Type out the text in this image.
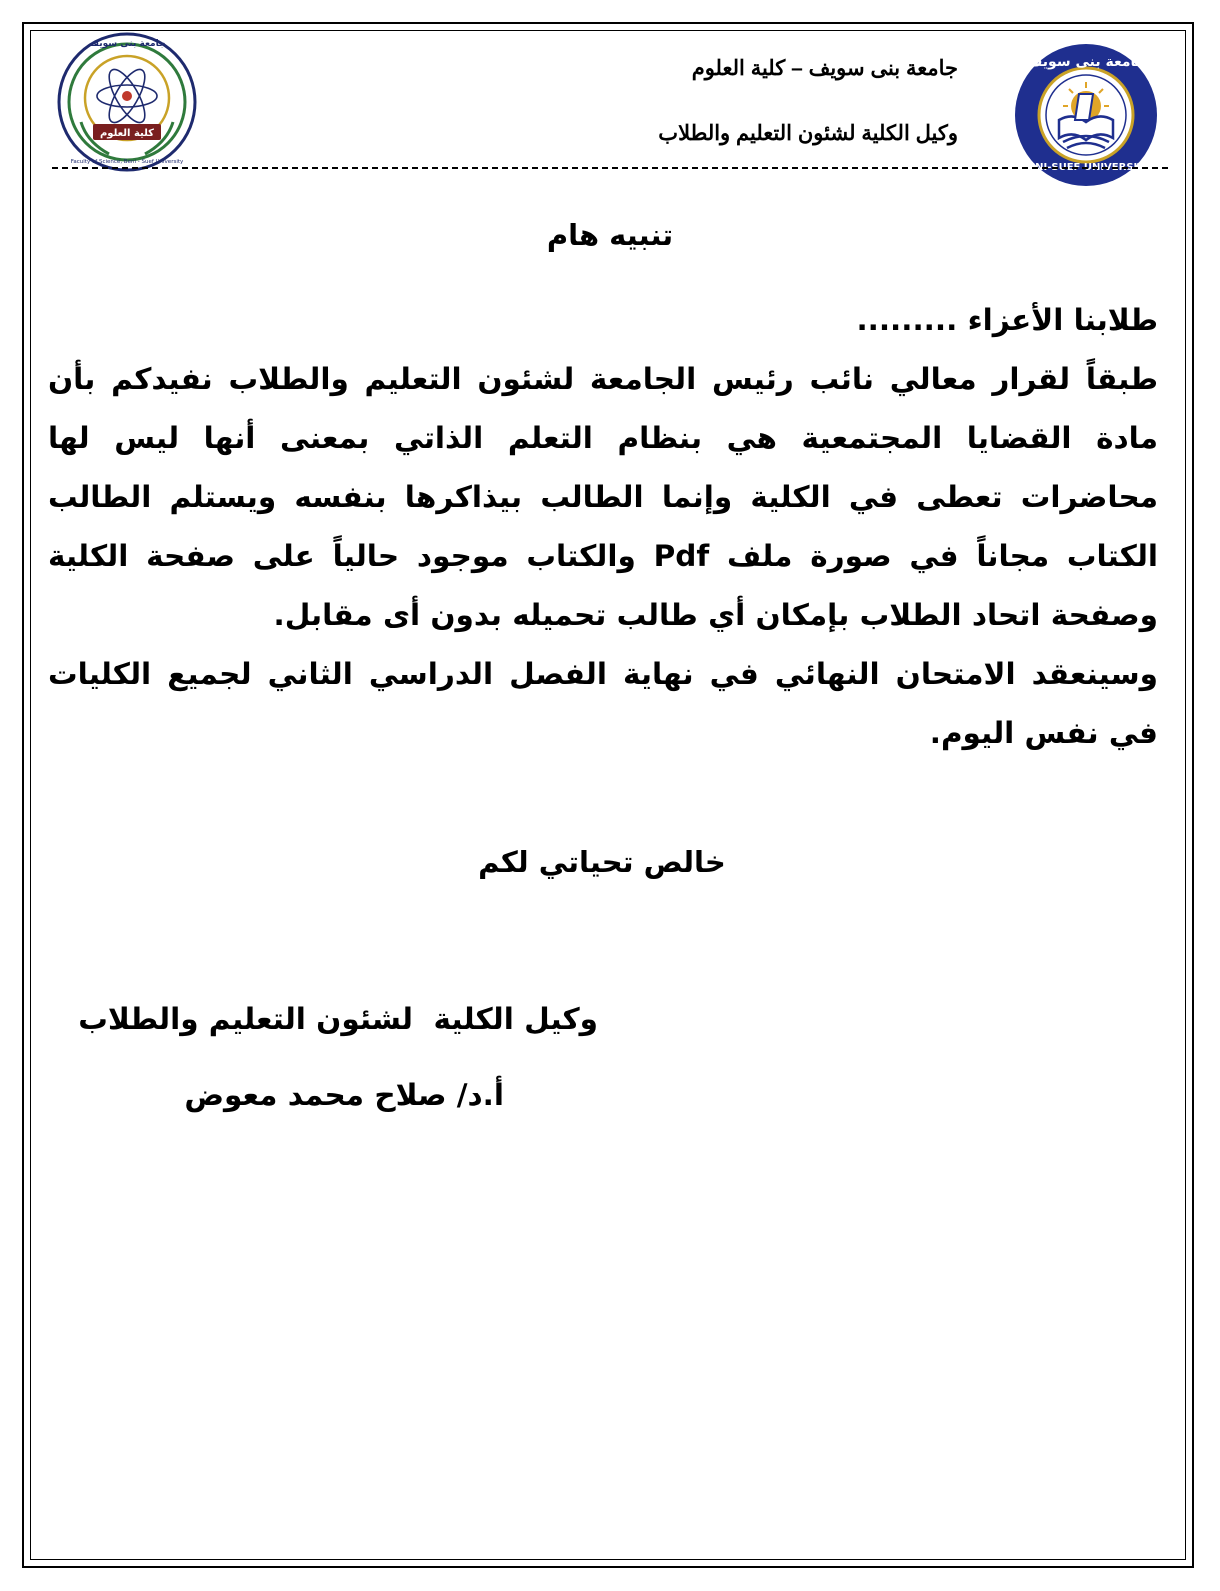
BENI-SUEF UNIVERSITY
جامعة بنى سويف
كلية العلوم
Faculty of Science, Beni - Suef University
جامعة بنى سويف
جامعة بنى سويف – كلية العلوم
وكيل الكلية لشئون التعليم والطلاب
تنبيه هام

طلابنا الأعزاء .........

طبقاً لقرار معالي نائب رئيس الجامعة لشئون التعليم والطلاب نفيدكم بأن مادة القضايا المجتمعية هي بنظام التعلم الذاتي بمعنى أنها ليس لها محاضرات تعطى في الكلية وإنما الطالب بيذاكرها بنفسه ويستلم الطالب الكتاب مجاناً في صورة ملف Pdf والكتاب موجود حالياً على صفحة الكلية وصفحة اتحاد الطلاب بإمكان أي طالب تحميله بدون أى مقابل.

وسينعقد الامتحان النهائي في نهاية الفصل الدراسي الثاني لجميع الكليات في نفس اليوم.

خالص تحياتي لكم
وكيل الكلية  لشئون التعليم والطلاب
أ.د/ صلاح محمد معوض
